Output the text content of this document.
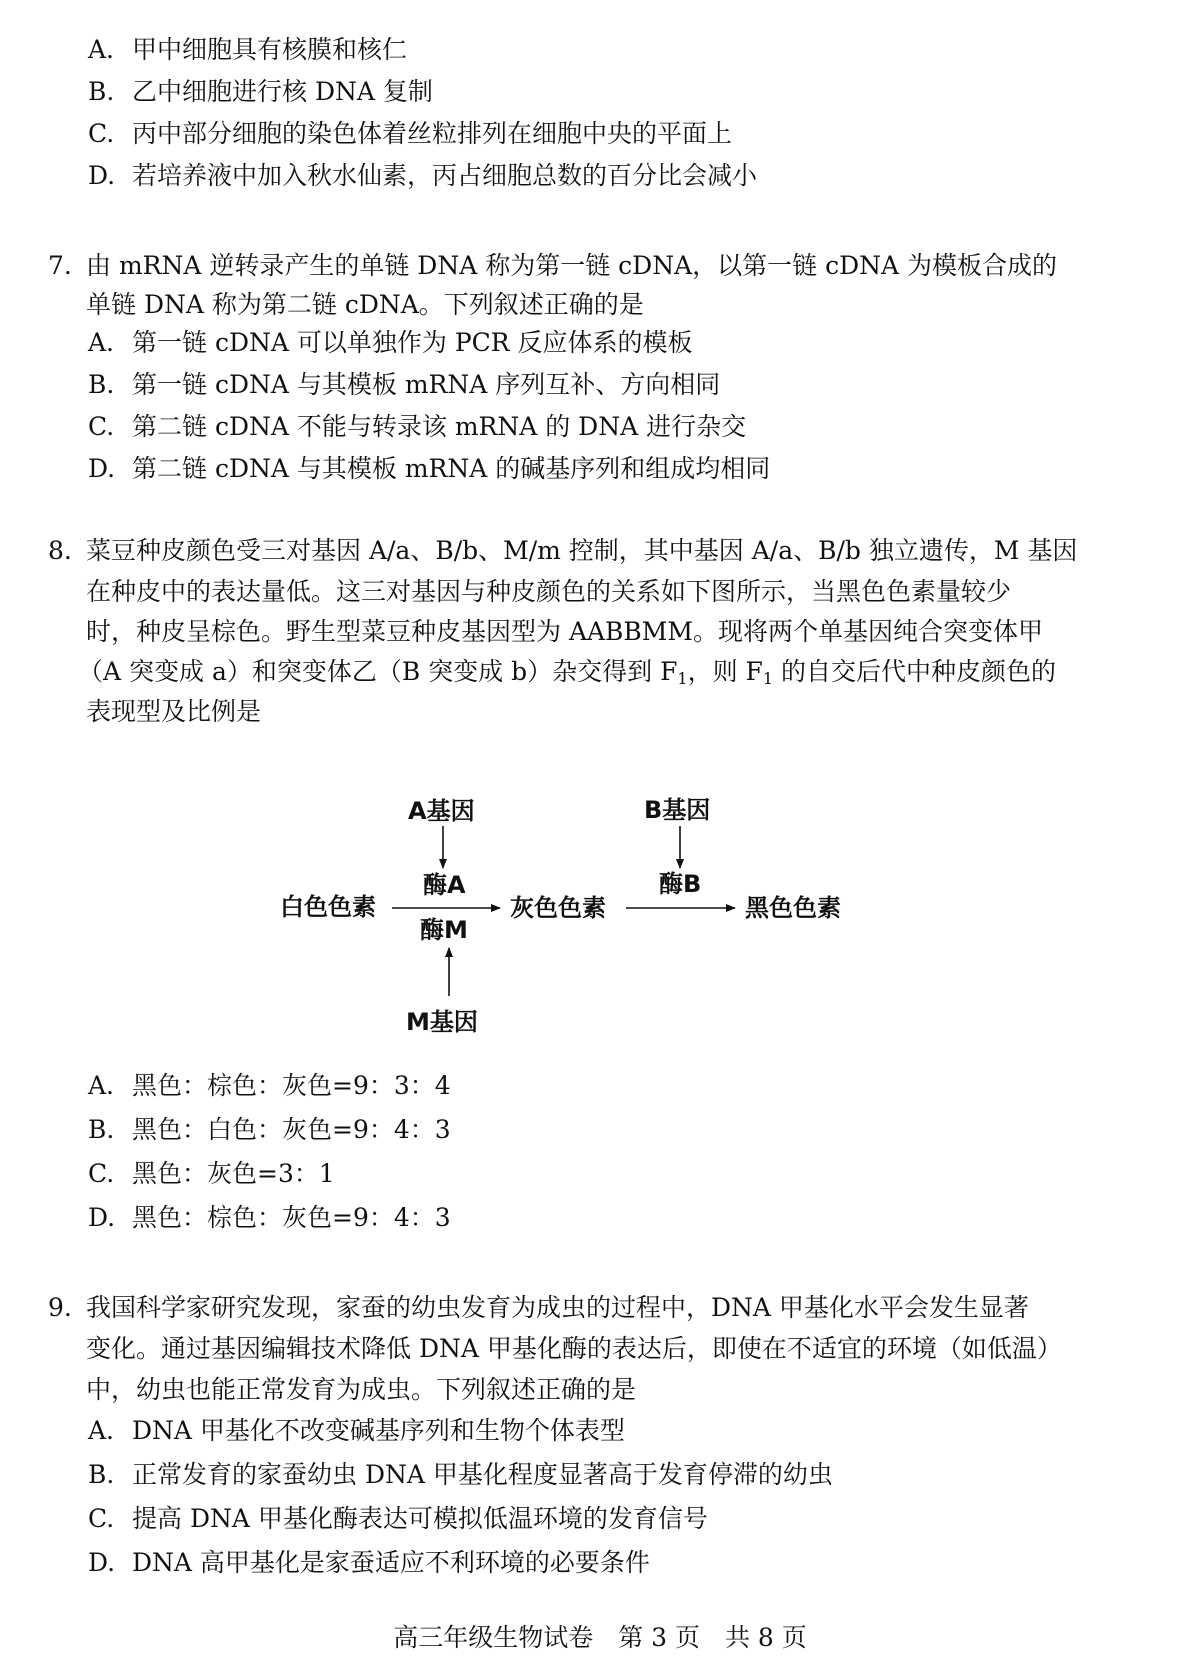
A. 甲中细胞具有核膜和核仁
B. 乙中细胞进行核 DNA 复制
C. 丙中部分细胞的染色体着丝粒排列在细胞中央的平面上
D. 若培养液中加入秋水仙素，丙占细胞总数的百分比会减小
7. 由 mRNA 逆转录产生的单链 DNA 称为第一链 cDNA，以第一链 cDNA 为模板合成的
单链 DNA 称为第二链 cDNA。下列叙述正确的是
A. 第一链 cDNA 可以单独作为 PCR 反应体系的模板
B. 第一链 cDNA 与其模板 mRNA 序列互补、方向相同
C. 第二链 cDNA 不能与转录该 mRNA 的 DNA 进行杂交
D. 第二链 cDNA 与其模板 mRNA 的碱基序列和组成均相同
8. 菜豆种皮颜色受三对基因 A/a、B/b、M/m 控制，其中基因 A/a、B/b 独立遗传，M 基因
在种皮中的表达量低。这三对基因与种皮颜色的关系如下图所示，当黑色色素量较少
时，种皮呈棕色。野生型菜豆种皮基因型为 AABBMM。现将两个单基因纯合突变体甲
（A 突变成 a）和突变体乙（B 突变成 b）杂交得到 $F_1$，则 $F_1$ 的自交后代中种皮颜色的
表现型及比例是
A基因	B基因
酶A	酶B
白色色素	灰色色素	黑色色素
酶M
M基因
A. 黑色：棕色：灰色=9：3：4
B. 黑色：白色：灰色=9：4：3
C. 黑色：灰色=3：1
D. 黑色：棕色：灰色=9：4：3
9. 我国科学家研究发现，家蚕的幼虫发育为成虫的过程中，DNA 甲基化水平会发生显著
变化。通过基因编辑技术降低 DNA 甲基化酶的表达后，即使在不适宜的环境（如低温）
中，幼虫也能正常发育为成虫。下列叙述正确的是
A. DNA 甲基化不改变碱基序列和生物个体表型
B. 正常发育的家蚕幼虫 DNA 甲基化程度显著高于发育停滞的幼虫
C. 提高 DNA 甲基化酶表达可模拟低温环境的发育信号
D. DNA 高甲基化是家蚕适应不利环境的必要条件
高三年级生物试卷　第 3 页　共 8 页
